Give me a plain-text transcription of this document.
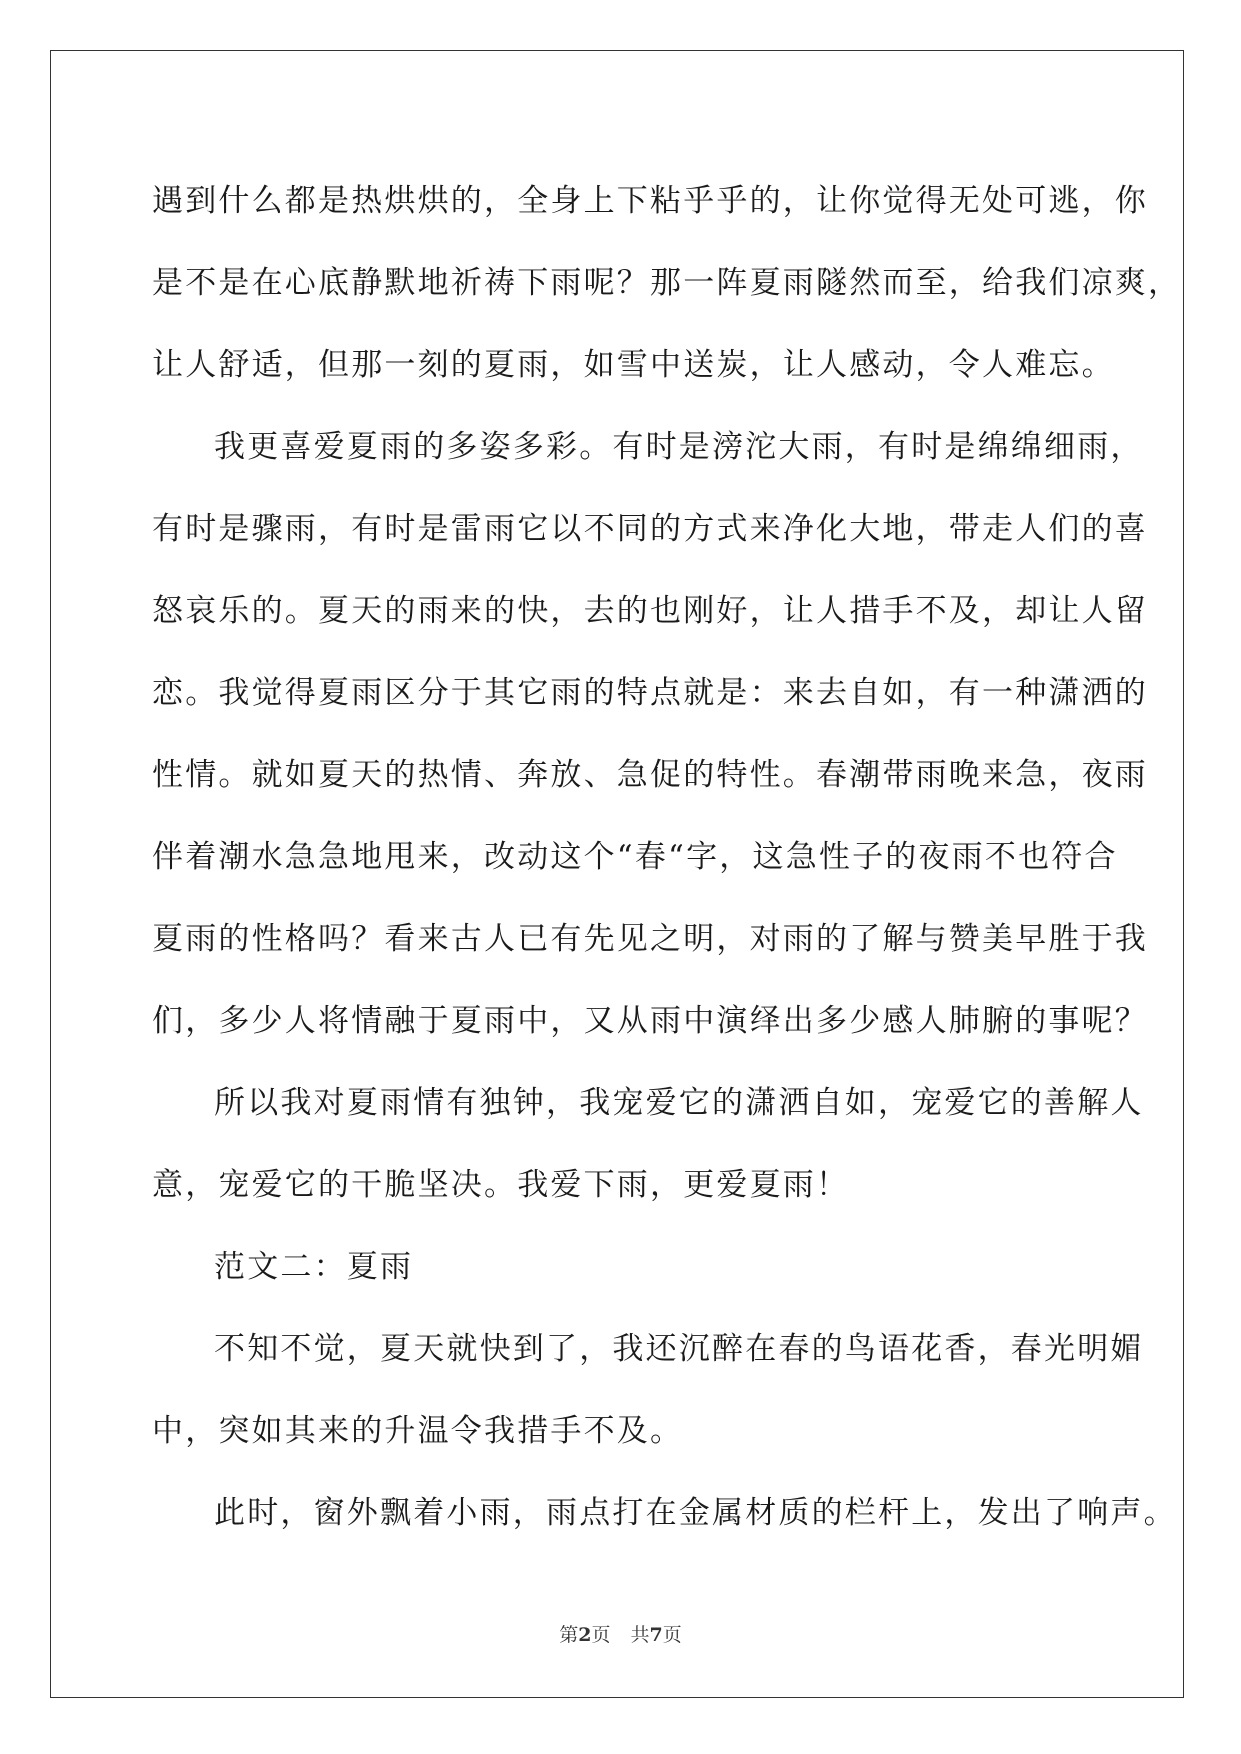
遇到什么都是热烘烘的，全身上下粘乎乎的，让你觉得无处可逃，你
是不是在心底静默地祈祷下雨呢？那一阵夏雨隧然而至，给我们凉爽，
让人舒适，但那一刻的夏雨，如雪中送炭，让人感动，令人难忘。

我更喜爱夏雨的多姿多彩。有时是滂沱大雨，有时是绵绵细雨，
有时是骤雨，有时是雷雨它以不同的方式来净化大地，带走人们的喜
怒哀乐的。夏天的雨来的快，去的也刚好，让人措手不及，却让人留
恋。我觉得夏雨区分于其它雨的特点就是：来去自如，有一种潇洒的
性情。就如夏天的热情、奔放、急促的特性。春潮带雨晚来急，夜雨
伴着潮水急急地甩来，改动这个“春“字，这急性子的夜雨不也符合
夏雨的性格吗？看来古人已有先见之明，对雨的了解与赞美早胜于我
们，多少人将情融于夏雨中，又从雨中演绎出多少感人肺腑的事呢？

所以我对夏雨情有独钟，我宠爱它的潇洒自如，宠爱它的善解人
意，宠爱它的干脆坚决。我爱下雨，更爱夏雨！

范文二：夏雨

不知不觉，夏天就快到了，我还沉醉在春的鸟语花香，春光明媚
中，突如其来的升温令我措手不及。

此时，窗外飘着小雨，雨点打在金属材质的栏杆上，发出了响声。

第2页 共7页
